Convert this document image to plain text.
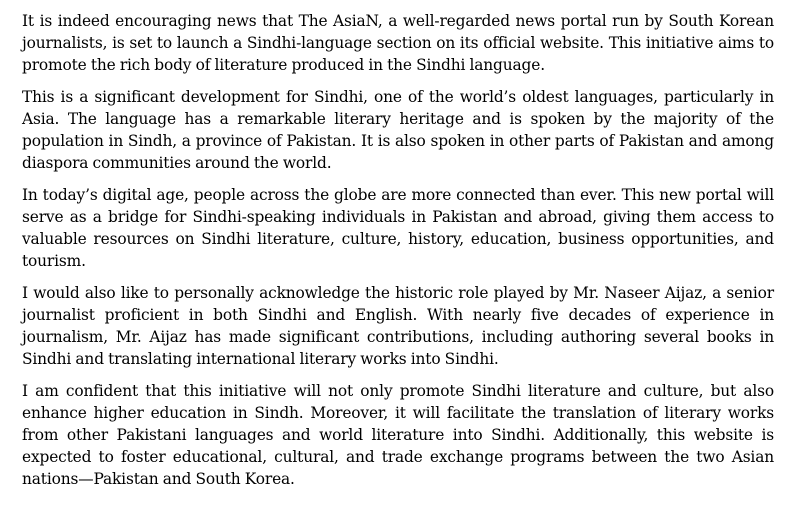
It is indeed encouraging news that The AsiaN, a well-regarded news portal run by South Korean journalists, is set to launch a Sindhi-language section on its official website. This initiative aims to promote the rich body of literature produced in the Sindhi language.

This is a significant development for Sindhi, one of the world’s oldest languages, particularly in Asia. The language has a remarkable literary heritage and is spoken by the majority of the population in Sindh, a province of Pakistan. It is also spoken in other parts of Pakistan and among diaspora communities around the world.

In today’s digital age, people across the globe are more connected than ever. This new portal will serve as a bridge for Sindhi-speaking individuals in Pakistan and abroad, giving them access to valuable resources on Sindhi literature, culture, history, education, business opportunities, and tourism.

I would also like to personally acknowledge the historic role played by Mr. Naseer Aijaz, a senior journalist proficient in both Sindhi and English. With nearly five decades of experience in journalism, Mr. Aijaz has made significant contributions, including authoring several books in Sindhi and translating international literary works into Sindhi.

I am confident that this initiative will not only promote Sindhi literature and culture, but also enhance higher education in Sindh. Moreover, it will facilitate the translation of literary works from other Pakistani languages and world literature into Sindhi. Additionally, this website is expected to foster educational, cultural, and trade exchange programs between the two Asian nations—Pakistan and South Korea.
